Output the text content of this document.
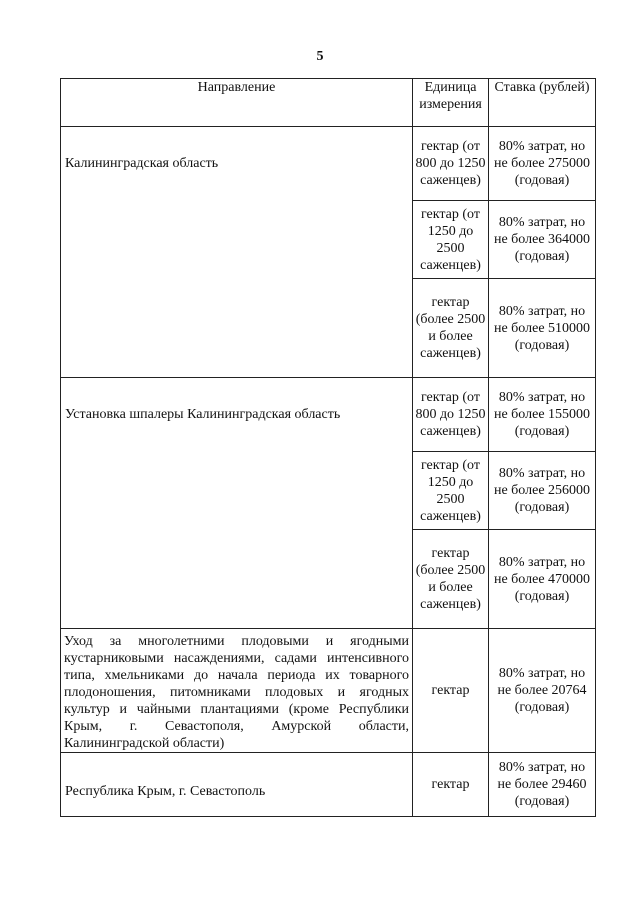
5
Направление	Единица измерения	Ставка (рублей)
Калининградская область	гектар (от 800 до 1250 саженцев)	80% затрат, но не более 275000 (годовая)
	гектар (от 1250 до 2500 саженцев)	80% затрат, но не более 364000 (годовая)
	гектар (более 2500 и более саженцев)	80% затрат, но не более 510000 (годовая)
Установка шпалеры Калининградская область	гектар (от 800 до 1250 саженцев)	80% затрат, но не более 155000 (годовая)
	гектар (от 1250 до 2500 саженцев)	80% затрат, но не более 256000 (годовая)
	гектар (более 2500 и более саженцев)	80% затрат, но не более 470000 (годовая)
Уход за многолетними плодовыми и ягодными кустарниковыми насаждениями, садами интенсивного типа, хмельниками до начала периода их товарного плодоношения, питомниками плодовых и ягодных культур и чайными плантациями (кроме Республики Крым, г. Севастополя, Амурской области, Калининградской области)	гектар	80% затрат, но не более 20764 (годовая)
Республика Крым, г. Севастополь	гектар	80% затрат, но не более 29460 (годовая)
